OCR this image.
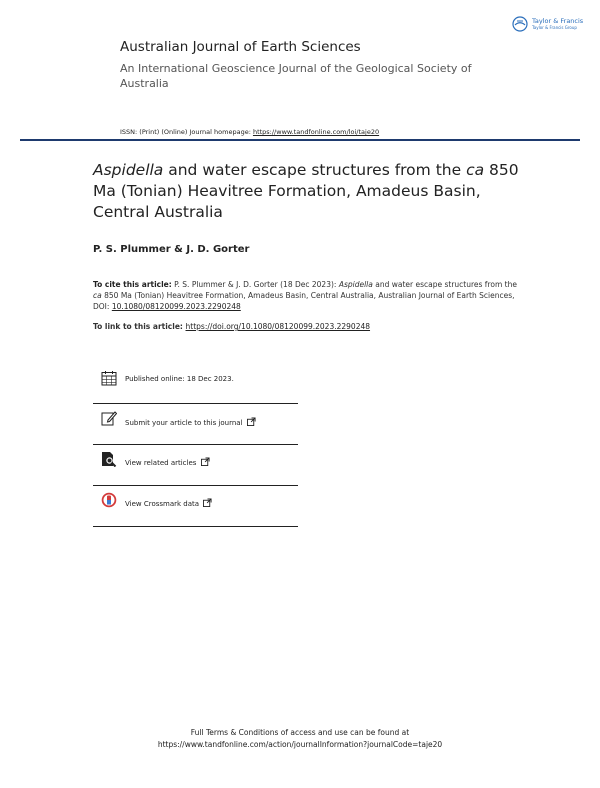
Taylor & Francis
Taylor & Francis Group
Australian Journal of Earth Sciences
An International Geoscience Journal of the Geological Society of Australia
ISSN: (Print) (Online) Journal homepage: https://www.tandfonline.com/loi/taje20
Aspidella and water escape structures from the ca 850 Ma (Tonian) Heavitree Formation, Amadeus Basin, Central Australia
P. S. Plummer & J. D. Gorter
To cite this article: P. S. Plummer & J. D. Gorter (18 Dec 2023): Aspidella and water escape structures from the ca 850 Ma (Tonian) Heavitree Formation, Amadeus Basin, Central Australia, Australian Journal of Earth Sciences, DOI: 10.1080/08120099.2023.2290248
To link to this article: https://doi.org/10.1080/08120099.2023.2290248
Published online: 18 Dec 2023.
Submit your article to this journal
View related articles
View Crossmark data
Full Terms & Conditions of access and use can be found at
https://www.tandfonline.com/action/journalInformation?journalCode=taje20
